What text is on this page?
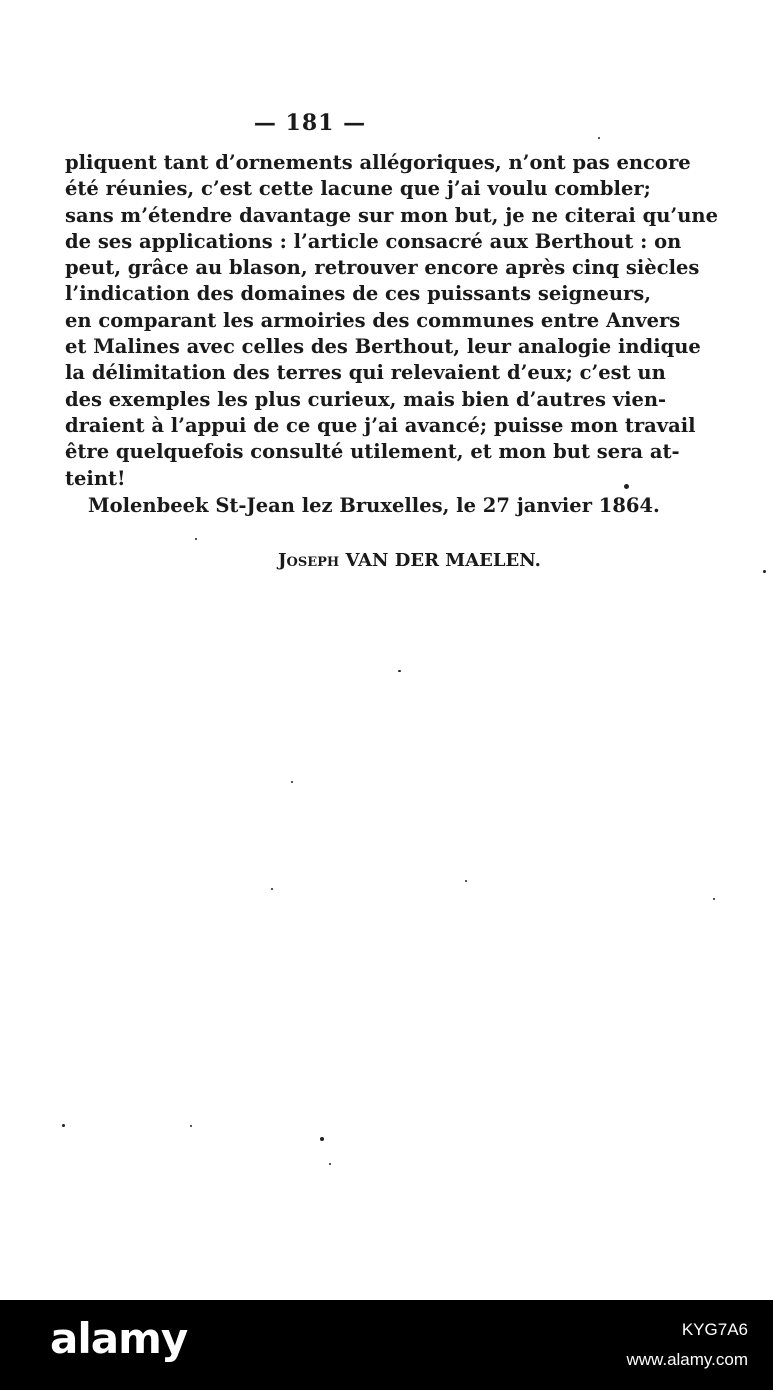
— 181 —
pliquent tant d’ornements allégoriques, n’ont pas encore
été réunies, c’est cette lacune que j’ai voulu combler;
sans m’étendre davantage sur mon but, je ne citerai qu’une
de ses applications : l’article consacré aux Berthout : on
peut, grâce au blason, retrouver encore après cinq siècles
l’indication des domaines de ces puissants seigneurs,
en comparant les armoiries des communes entre Anvers
et Malines avec celles des Berthout, leur analogie indique
la délimitation des terres qui relevaient d’eux; c’est un
des exemples les plus curieux, mais bien d’autres vien-
draient à l’appui de ce que j’ai avancé; puisse mon travail
être quelquefois consulté utilement, et mon but sera at-
teint!
Molenbeek St-Jean lez Bruxelles, le 27 janvier 1864.
Joseph VAN DER MAELEN.
alamy	KYG7A6
www.alamy.com
